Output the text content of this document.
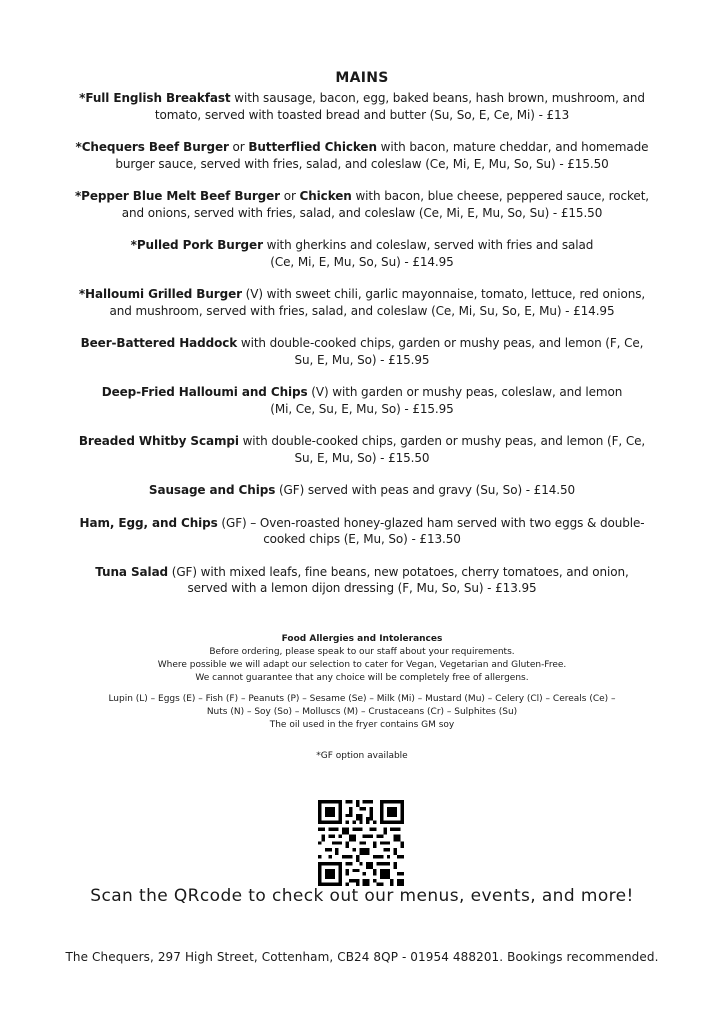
MAINS
*Full English Breakfast with sausage, bacon, egg, baked beans, hash brown, mushroom, and
tomato, served with toasted bread and butter (Su, So, E, Ce, Mi) - £13
*Chequers Beef Burger or Butterflied Chicken with bacon, mature cheddar, and homemade
burger sauce, served with fries, salad, and coleslaw (Ce, Mi, E, Mu, So, Su) - £15.50
*Pepper Blue Melt Beef Burger or Chicken with bacon, blue cheese, peppered sauce, rocket,
and onions, served with fries, salad, and coleslaw (Ce, Mi, E, Mu, So, Su) - £15.50
*Pulled Pork Burger with gherkins and coleslaw, served with fries and salad
(Ce, Mi, E, Mu, So, Su) - £14.95
*Halloumi Grilled Burger (V) with sweet chili, garlic mayonnaise, tomato, lettuce, red onions,
and mushroom, served with fries, salad, and coleslaw (Ce, Mi, Su, So, E, Mu) - £14.95
Beer-Battered Haddock with double-cooked chips, garden or mushy peas, and lemon (F, Ce,
Su, E, Mu, So) - £15.95
Deep-Fried Halloumi and Chips (V) with garden or mushy peas, coleslaw, and lemon
(Mi, Ce, Su, E, Mu, So) - £15.95
Breaded Whitby Scampi with double-cooked chips, garden or mushy peas, and lemon (F, Ce,
Su, E, Mu, So) - £15.50
Sausage and Chips (GF) served with peas and gravy (Su, So) - £14.50
Ham, Egg, and Chips (GF) – Oven-roasted honey-glazed ham served with two eggs & double-
cooked chips (E, Mu, So) - £13.50
Tuna Salad (GF) with mixed leafs, fine beans, new potatoes, cherry tomatoes, and onion,
served with a lemon dijon dressing (F, Mu, So, Su) - £13.95
Food Allergies and Intolerances
Before ordering, please speak to our staff about your requirements.
Where possible we will adapt our selection to cater for Vegan, Vegetarian and Gluten-Free.
We cannot guarantee that any choice will be completely free of allergens.
Lupin (L) – Eggs (E) – Fish (F) – Peanuts (P) – Sesame (Se) – Milk (Mi) – Mustard (Mu) – Celery (Cl) – Cereals (Ce) –
Nuts (N) – Soy (So) – Molluscs (M) – Crustaceans (Cr) – Sulphites (Su)
The oil used in the fryer contains GM soy
*GF option available
Scan the QRcode to check out our menus, events, and more!
The Chequers, 297 High Street, Cottenham, CB24 8QP - 01954 488201. Bookings recommended.
